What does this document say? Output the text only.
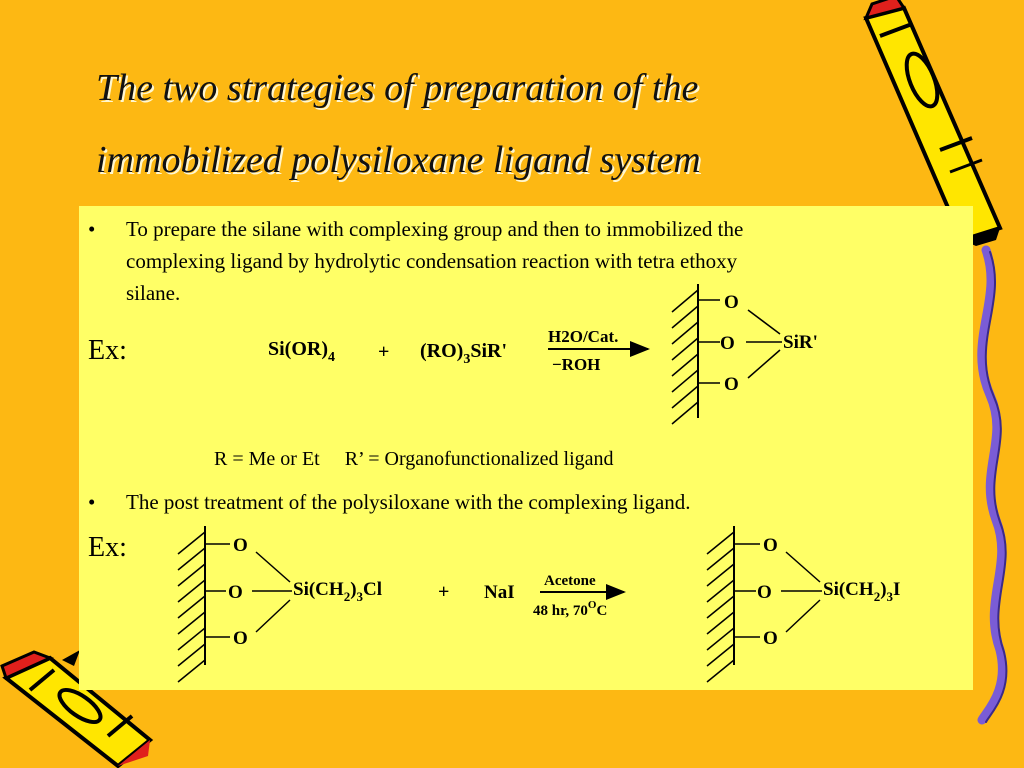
The two strategies of preparation of the
immobilized polysiloxane ligand system
• To prepare the silane with complexing group and then to immobilized the
complexing ligand by hydrolytic condensation reaction with tetra ethoxy
silane.
Ex:
R = Me or Et     R’ = Organofunctionalized ligand
• The post treatment of the polysiloxane with the complexing ligand.
Ex:
$Si(OR)_4 + (RO)_3SiR'$
H2O/Cat.
−ROH
O
O
O
SiR'
O
O
O
$Si(CH_2)_3Cl$	+ NaI
Acetone
48 hr, $70^OC$
O
O
O
$Si(CH_2)_3I$
